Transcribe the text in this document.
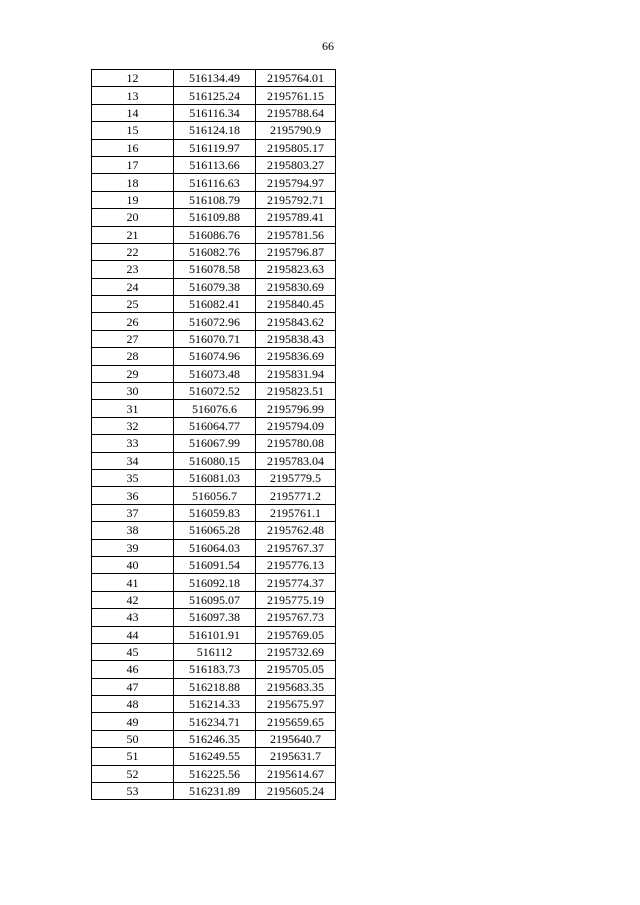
66
12	516134.49	2195764.01
13	516125.24	2195761.15
14	516116.34	2195788.64
15	516124.18	2195790.9
16	516119.97	2195805.17
17	516113.66	2195803.27
18	516116.63	2195794.97
19	516108.79	2195792.71
20	516109.88	2195789.41
21	516086.76	2195781.56
22	516082.76	2195796.87
23	516078.58	2195823.63
24	516079.38	2195830.69
25	516082.41	2195840.45
26	516072.96	2195843.62
27	516070.71	2195838.43
28	516074.96	2195836.69
29	516073.48	2195831.94
30	516072.52	2195823.51
31	516076.6	2195796.99
32	516064.77	2195794.09
33	516067.99	2195780.08
34	516080.15	2195783.04
35	516081.03	2195779.5
36	516056.7	2195771.2
37	516059.83	2195761.1
38	516065.28	2195762.48
39	516064.03	2195767.37
40	516091.54	2195776.13
41	516092.18	2195774.37
42	516095.07	2195775.19
43	516097.38	2195767.73
44	516101.91	2195769.05
45	516112	2195732.69
46	516183.73	2195705.05
47	516218.88	2195683.35
48	516214.33	2195675.97
49	516234.71	2195659.65
50	516246.35	2195640.7
51	516249.55	2195631.7
52	516225.56	2195614.67
53	516231.89	2195605.24
